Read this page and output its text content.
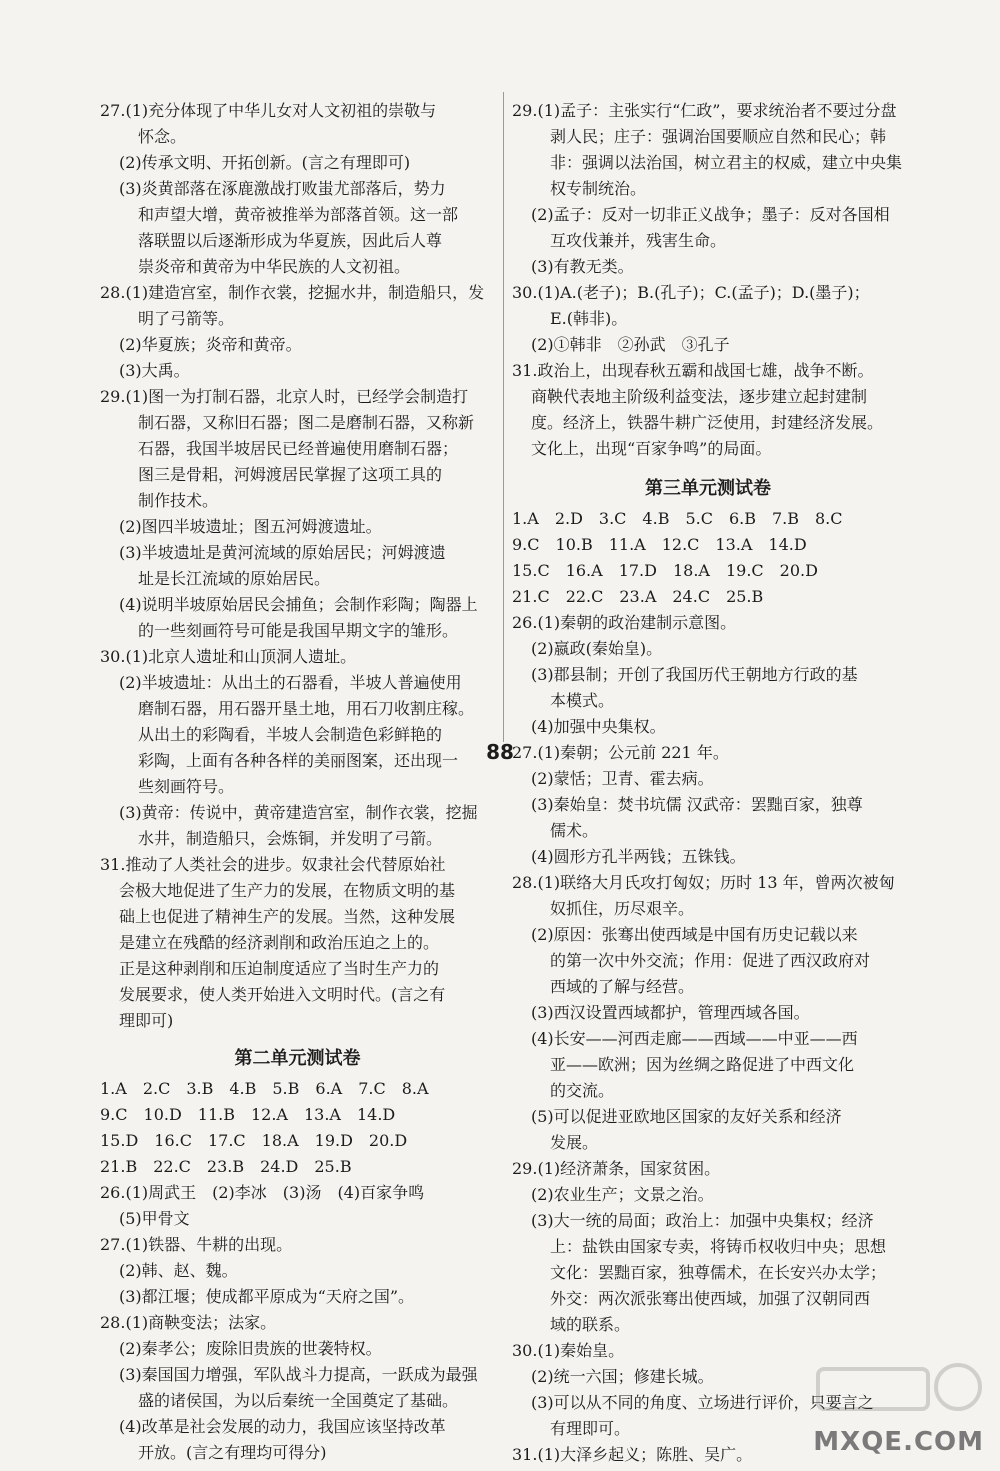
27.(1)充分体现了中华儿女对人文初祖的崇敬与
怀念。
(2)传承文明、开拓创新。(言之有理即可)
(3)炎黄部落在涿鹿激战打败蚩尤部落后，势力
和声望大增，黄帝被推举为部落首领。这一部
落联盟以后逐渐形成为华夏族，因此后人尊
崇炎帝和黄帝为中华民族的人文初祖。
28.(1)建造宫室，制作衣裳，挖掘水井，制造船只，发
明了弓箭等。
(2)华夏族；炎帝和黄帝。
(3)大禹。
29.(1)图一为打制石器，北京人时，已经学会制造打
制石器，又称旧石器；图二是磨制石器，又称新
石器，我国半坡居民已经普遍使用磨制石器；
图三是骨耜，河姆渡居民掌握了这项工具的
制作技术。
(2)图四半坡遗址；图五河姆渡遗址。
(3)半坡遗址是黄河流域的原始居民；河姆渡遗
址是长江流域的原始居民。
(4)说明半坡原始居民会捕鱼；会制作彩陶；陶器上
的一些刻画符号可能是我国早期文字的雏形。
30.(1)北京人遗址和山顶洞人遗址。
(2)半坡遗址：从出土的石器看，半坡人普遍使用
磨制石器，用石器开垦土地，用石刀收割庄稼。
从出土的彩陶看，半坡人会制造色彩鲜艳的
彩陶，上面有各种各样的美丽图案，还出现一
些刻画符号。
(3)黄帝：传说中，黄帝建造宫室，制作衣裳，挖掘
水井，制造船只，会炼铜，并发明了弓箭。
31.推动了人类社会的进步。奴隶社会代替原始社
会极大地促进了生产力的发展，在物质文明的基
础上也促进了精神生产的发展。当然，这种发展
是建立在残酷的经济剥削和政治压迫之上的。
正是这种剥削和压迫制度适应了当时生产力的
发展要求，使人类开始进入文明时代。(言之有
理即可)
第二单元测试卷
1.A　2.C　3.B　4.B　5.B　6.A　7.C　8.A
9.C　10.D　11.B　12.A　13.A　14.D
15.D　16.C　17.C　18.A　19.D　20.D
21.B　22.C　23.B　24.D　25.B
26.(1)周武王　(2)李冰　(3)汤　(4)百家争鸣
(5)甲骨文
27.(1)铁器、牛耕的出现。
(2)韩、赵、魏。
(3)都江堰；使成都平原成为“天府之国”。
28.(1)商鞅变法；法家。
(2)秦孝公；废除旧贵族的世袭特权。
(3)秦国国力增强，军队战斗力提高，一跃成为最强
盛的诸侯国，为以后秦统一全国奠定了基础。
(4)改革是社会发展的动力，我国应该坚持改革
开放。(言之有理均可得分)
29.(1)孟子：主张实行“仁政”，要求统治者不要过分盘
剥人民；庄子：强调治国要顺应自然和民心；韩
非：强调以法治国，树立君主的权威，建立中央集
权专制统治。
(2)孟子：反对一切非正义战争；墨子：反对各国相
互攻伐兼并，残害生命。
(3)有教无类。
30.(1)A.(老子)；B.(孔子)；C.(孟子)；D.(墨子)；
E.(韩非)。
(2)①韩非　②孙武　③孔子
31.政治上，出现春秋五霸和战国七雄，战争不断。
商鞅代表地主阶级利益变法，逐步建立起封建制
度。经济上，铁器牛耕广泛使用，封建经济发展。
文化上，出现“百家争鸣”的局面。
第三单元测试卷
1.A　2.D　3.C　4.B　5.C　6.B　7.B　8.C
9.C　10.B　11.A　12.C　13.A　14.D
15.C　16.A　17.D　18.A　19.C　20.D
21.C　22.C　23.A　24.C　25.B
26.(1)秦朝的政治建制示意图。
(2)嬴政(秦始皇)。
(3)郡县制；开创了我国历代王朝地方行政的基
本模式。
(4)加强中央集权。
27.(1)秦朝；公元前 221 年。
(2)蒙恬；卫青、霍去病。
(3)秦始皇：焚书坑儒 汉武帝：罢黜百家，独尊
儒术。
(4)圆形方孔半两钱；五铢钱。
28.(1)联络大月氏攻打匈奴；历时 13 年，曾两次被匈
奴抓住，历尽艰辛。
(2)原因：张骞出使西域是中国有历史记载以来
的第一次中外交流；作用：促进了西汉政府对
西域的了解与经营。
(3)西汉设置西域都护，管理西域各国。
(4)长安——河西走廊——西域——中亚——西
亚——欧洲；因为丝绸之路促进了中西文化
的交流。
(5)可以促进亚欧地区国家的友好关系和经济
发展。
29.(1)经济萧条，国家贫困。
(2)农业生产；文景之治。
(3)大一统的局面；政治上：加强中央集权；经济
上：盐铁由国家专卖，将铸币权收归中央；思想
文化：罢黜百家，独尊儒术，在长安兴办太学；
外交：两次派张骞出使西域，加强了汉朝同西
域的联系。
30.(1)秦始皇。
(2)统一六国；修建长城。
(3)可以从不同的角度、立场进行评价，只要言之
有理即可。
31.(1)大泽乡起义；陈胜、吴广。
88
MXQE.COM
